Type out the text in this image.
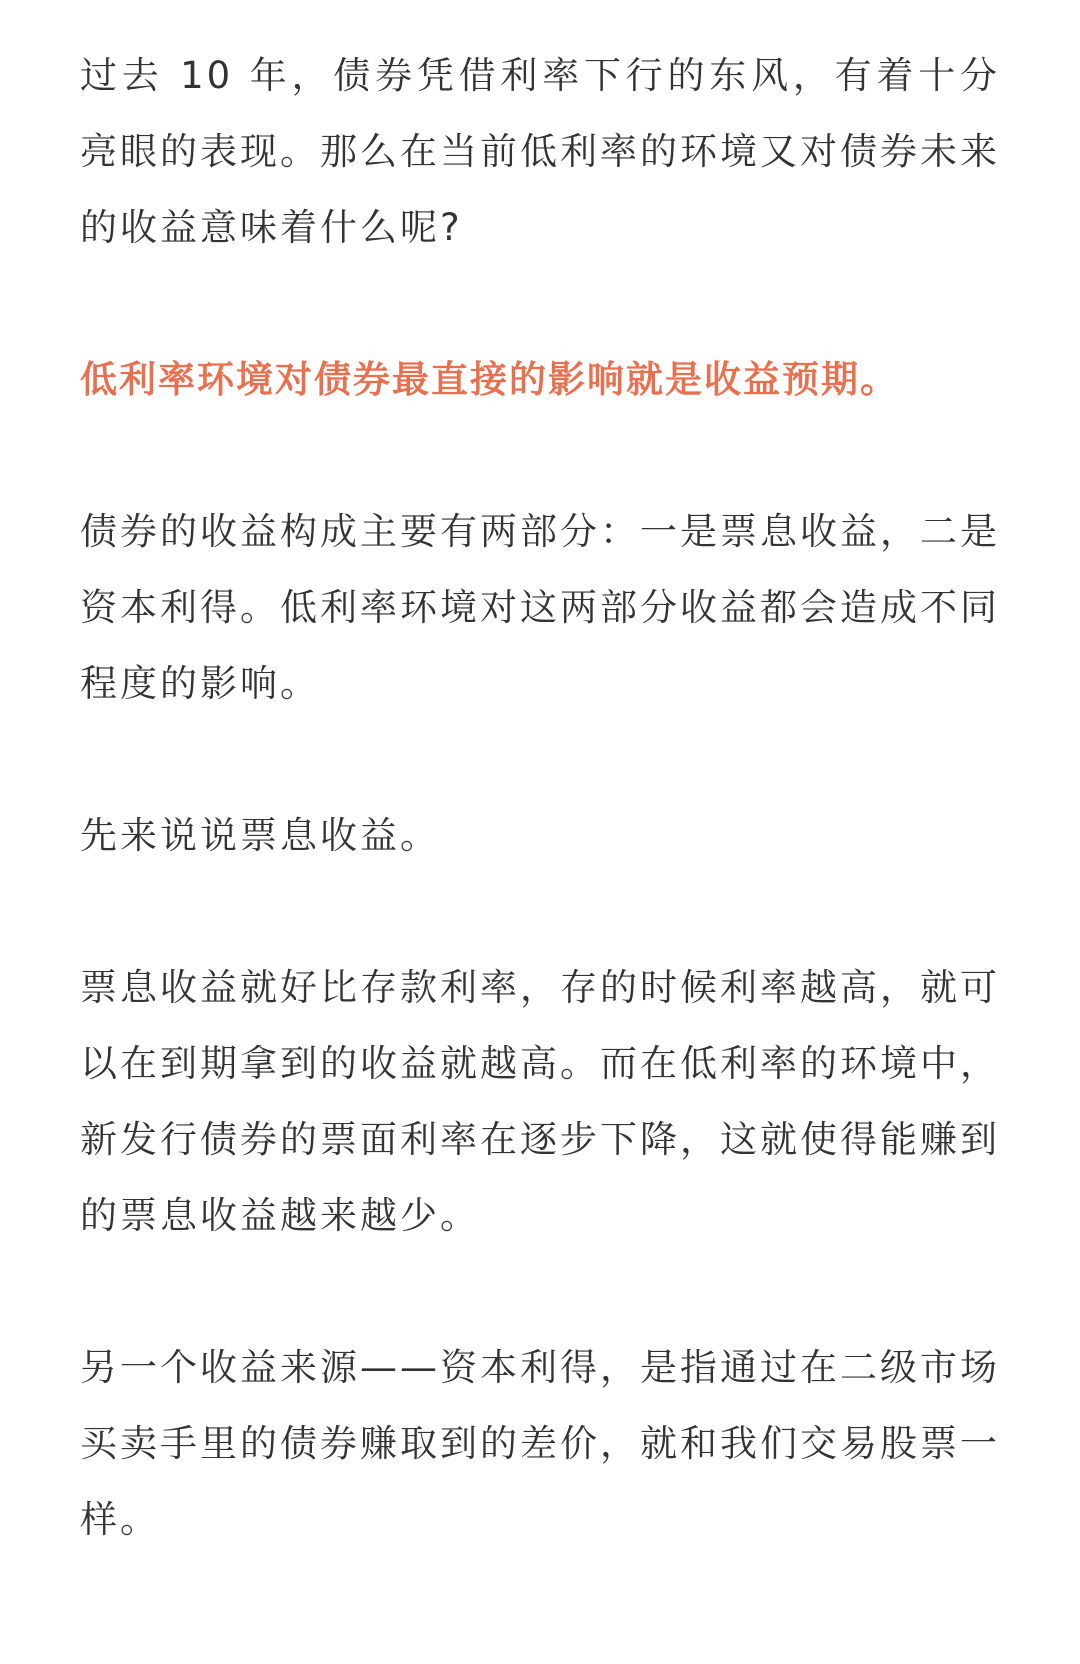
过去 10 年，债券凭借利率下行的东风，有着十分亮眼的表现。那么在当前低利率的环境又对债券未来的收益意味着什么呢?

低利率环境对债券最直接的影响就是收益预期。

债券的收益构成主要有两部分：一是票息收益，二是资本利得。低利率环境对这两部分收益都会造成不同程度的影响。

先来说说票息收益。

票息收益就好比存款利率，存的时候利率越高，就可以在到期拿到的收益就越高。而在低利率的环境中，新发行债券的票面利率在逐步下降，这就使得能赚到的票息收益越来越少。

另一个收益来源——资本利得，是指通过在二级市场买卖手里的债券赚取到的差价，就和我们交易股票一样。
